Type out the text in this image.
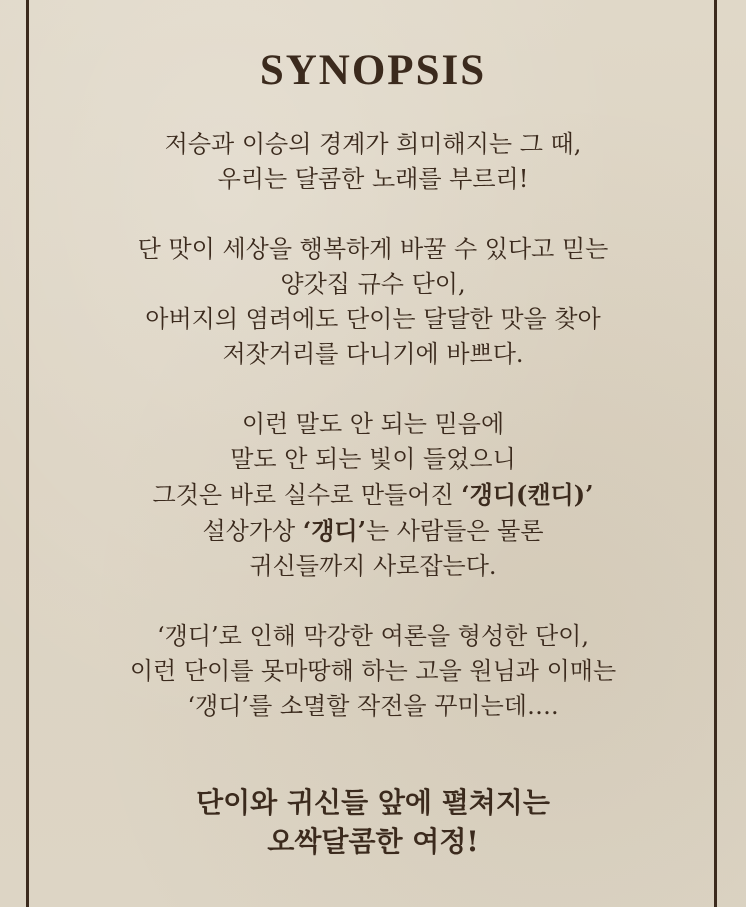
SYNOPSIS
저승과 이승의 경계가 희미해지는 그 때,
우리는 달콤한 노래를 부르리!
단 맛이 세상을 행복하게 바꿀 수 있다고 믿는
양갓집 규수 단이,
아버지의 염려에도 단이는 달달한 맛을 찾아
저잣거리를 다니기에 바쁘다.
이런 말도 안 되는 믿음에
말도 안 되는 빛이 들었으니
그것은 바로 실수로 만들어진 ‘갱디(캔디)’
설상가상 ‘갱디’는 사람들은 물론
귀신들까지 사로잡는다.
‘갱디’로 인해 막강한 여론을 형성한 단이,
이런 단이를 못마땅해 하는 고을 원님과 이매는
‘갱디’를 소멸할 작전을 꾸미는데….
단이와 귀신들 앞에 펼쳐지는
오싹달콤한 여정!
